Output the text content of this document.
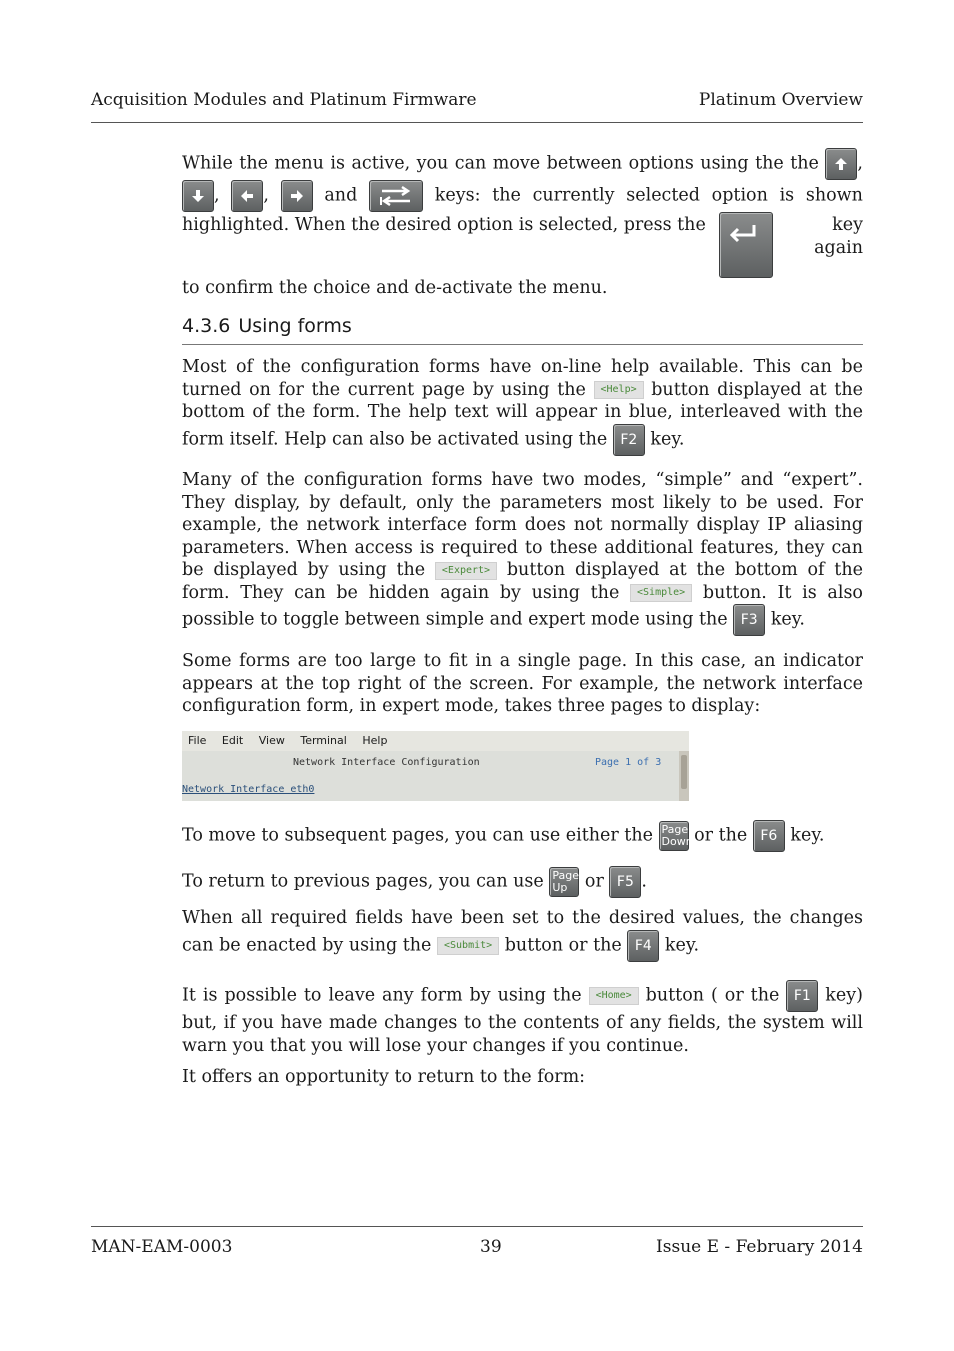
Acquisition Modules and Platinum Firmware	Platinum Overview
While the menu is active, you can move between options using the the ,
, ,	and	keys: the currently selected option is shown
highlighted. When the desired option is selected, press the	key again
to confirm the choice and de-activate the menu.
4.3.6 Using forms
Most of the configuration forms have on-line help available. This can be turned on for the current page by using the <Help> button displayed at the bottom of the form. The help text will appear in blue, interleaved with the form itself. Help can also be activated using the F2 key.
Many of the configuration forms have two modes, “simple” and “expert”. They display, by default, only the parameters most likely to be used. For example, the network interface form does not normally display IP aliasing parameters. When access is required to these additional features, they can be displayed by using the <Expert> button displayed at the bottom of the form. They can be hidden again by using the <Simple> button. It is also possible to toggle between simple and expert mode using the F3 key.
Some forms are too large to fit in a single page. In this case, an indicator appears at the top right of the screen. For example, the network interface configuration form, in expert mode, takes three pages to display:
File Edit View Terminal Help
Network Interface Configuration	Page 1 of 3
Network Interface eth0
To move to subsequent pages, you can use either the Page
Down or the F6 key.
To return to previous pages, you can use Page
Up or F5 .
When all required fields have been set to the desired values, the changes can be enacted by using the <Submit> button or the F4 key.
It is possible to leave any form by using the <Home> button ( or the F1 key) but, if you have made changes to the contents of any fields, the system will warn you that you will lose your changes if you continue.
It offers an opportunity to return to the form:
MAN-EAM-0003	39	Issue E - February 2014
